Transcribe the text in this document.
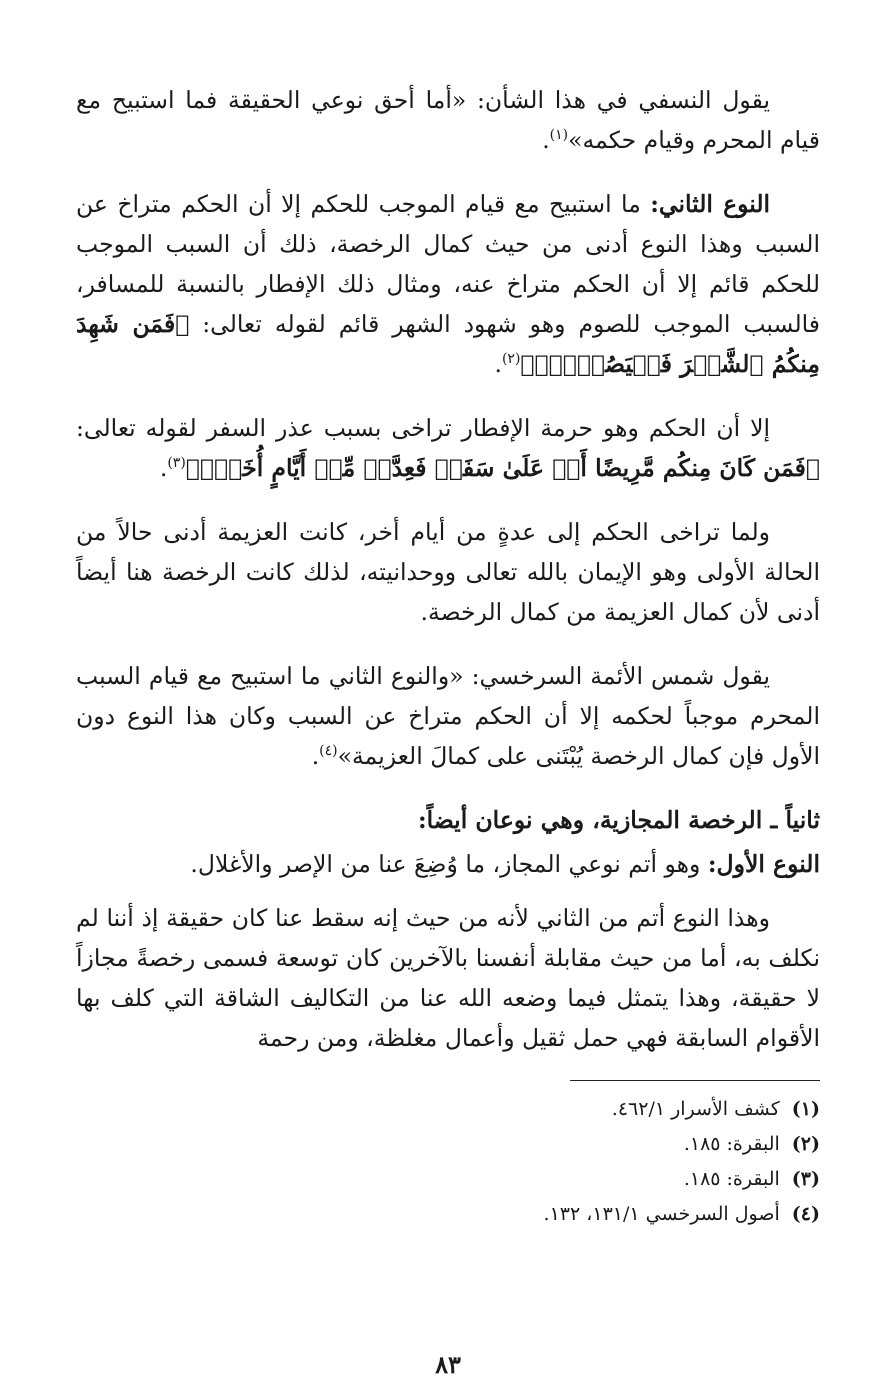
يقول النسفي في هذا الشأن: «أما أحق نوعي الحقيقة فما استبيح مع قيام المحرم وقيام حكمه»$^{(١)}$.

النوع الثاني: ما استبيح مع قيام الموجب للحكم إلا أن الحكم متراخ عن السبب وهذا النوع أدنى من حيث كمال الرخصة، ذلك أن السبب الموجب للحكم قائم إلا أن الحكم متراخ عنه، ومثال ذلك الإفطار بالنسبة للمسافر، فالسبب الموجب للصوم وهو شهود الشهر قائم لقوله تعالى: ﴿فَمَن شَهِدَ مِنكُمُ ٱلشَّهۡرَ فَلۡيَصُمۡهُۖ﴾$^{(٢)}$.

إلا أن الحكم وهو حرمة الإفطار تراخى بسبب عذر السفر لقوله تعالى: ﴿فَمَن كَانَ مِنكُم مَّرِيضًا أَوۡ عَلَىٰ سَفَرٖ فَعِدَّةٞ مِّنۡ أَيَّامٍ أُخَرَۚ﴾$^{(٣)}$.

ولما تراخى الحكم إلى عدةٍ من أيام أخر، كانت العزيمة أدنى حالاً من الحالة الأولى وهو الإيمان بالله تعالى ووحدانيته، لذلك كانت الرخصة هنا أيضاً أدنى لأن كمال العزيمة من كمال الرخصة.

يقول شمس الأئمة السرخسي: «والنوع الثاني ما استبيح مع قيام السبب المحرم موجباً لحكمه إلا أن الحكم متراخ عن السبب وكان هذا النوع دون الأول فإن كمال الرخصة يُبْتَنى على كمالَ العزيمة»$^{(٤)}$.

ثانياً ـ الرخصة المجازية، وهي نوعان أيضاً:

النوع الأول: وهو أتم نوعي المجاز، ما وُضِعَ عنا من الإصر والأغلال.

وهذا النوع أتم من الثاني لأنه من حيث إنه سقط عنا كان حقيقة إذ أننا لم نكلف به، أما من حيث مقابلة أنفسنا بالآخرين كان توسعة فسمى رخصةً مجازاً لا حقيقة، وهذا يتمثل فيما وضعه الله عنا من التكاليف الشاقة التي كلف بها الأقوام السابقة فهي حمل ثقيل وأعمال مغلظة، ومن رحمة

(١)كشف الأسرار ٤٦٢/١.
(٢)البقرة: ١٨٥.
(٣)البقرة: ١٨٥.
(٤)أصول السرخسي ١٣١/١، ١٣٢.
٨٣
